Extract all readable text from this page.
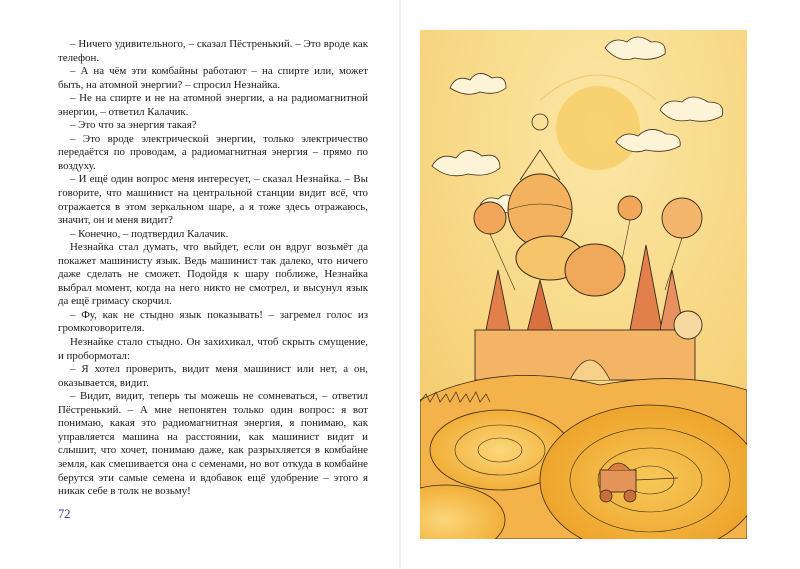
– Ничего удивительного, – сказал Пёстренький. – Это вроде как телефон.

– А на чём эти комбайны работают – на спирте или, может быть, на атомной энергии? – спросил Незнайка.

– Не на спирте и не на атомной энергии, а на радиомагнитной энергии, – ответил Калачик.

– Это что за энергия такая?

– Это вроде электрической энергии, только электричество передаётся по проводам, а радиомагнитная энергия – прямо по воздуху.

– И ещё один вопрос меня интересует, – сказал Незнайка. – Вы говорите, что машинист на центральной станции видит всё, что отражается в этом зеркальном шаре, а я тоже здесь отражаюсь, значит, он и меня видит?

– Конечно, – подтвердил Калачик.

Незнайка стал думать, что выйдет, если он вдруг возьмёт да покажет машинисту язык. Ведь машинист так далеко, что ничего даже сделать не сможет. Подойдя к шару поближе, Незнайка выбрал момент, когда на него никто не смотрел, и высунул язык да ещё гримасу скорчил.

– Фу, как не стыдно язык показывать! – загремел голос из громкоговорителя.

Незнайке стало стыдно. Он захихикал, чтоб скрыть смущение, и пробормотал:

– Я хотел проверить, видит меня машинист или нет, а он, оказывается, видит.

– Видит, видит, теперь ты можешь не сомневаться, – ответил Пёстренький. – А мне непонятен только один вопрос: я вот понимаю, какая это радиомагнитная энергия, я понимаю, как управляется машина на расстоянии, как машинист видит и слышит, что хочет, понимаю даже, как разрыхляется в комбайне земля, как смешивается она с семенами, но вот откуда в комбайне берутся эти самые семена и вдобавок ещё удобрение – этого я никак себе в толк не возьму!

72
